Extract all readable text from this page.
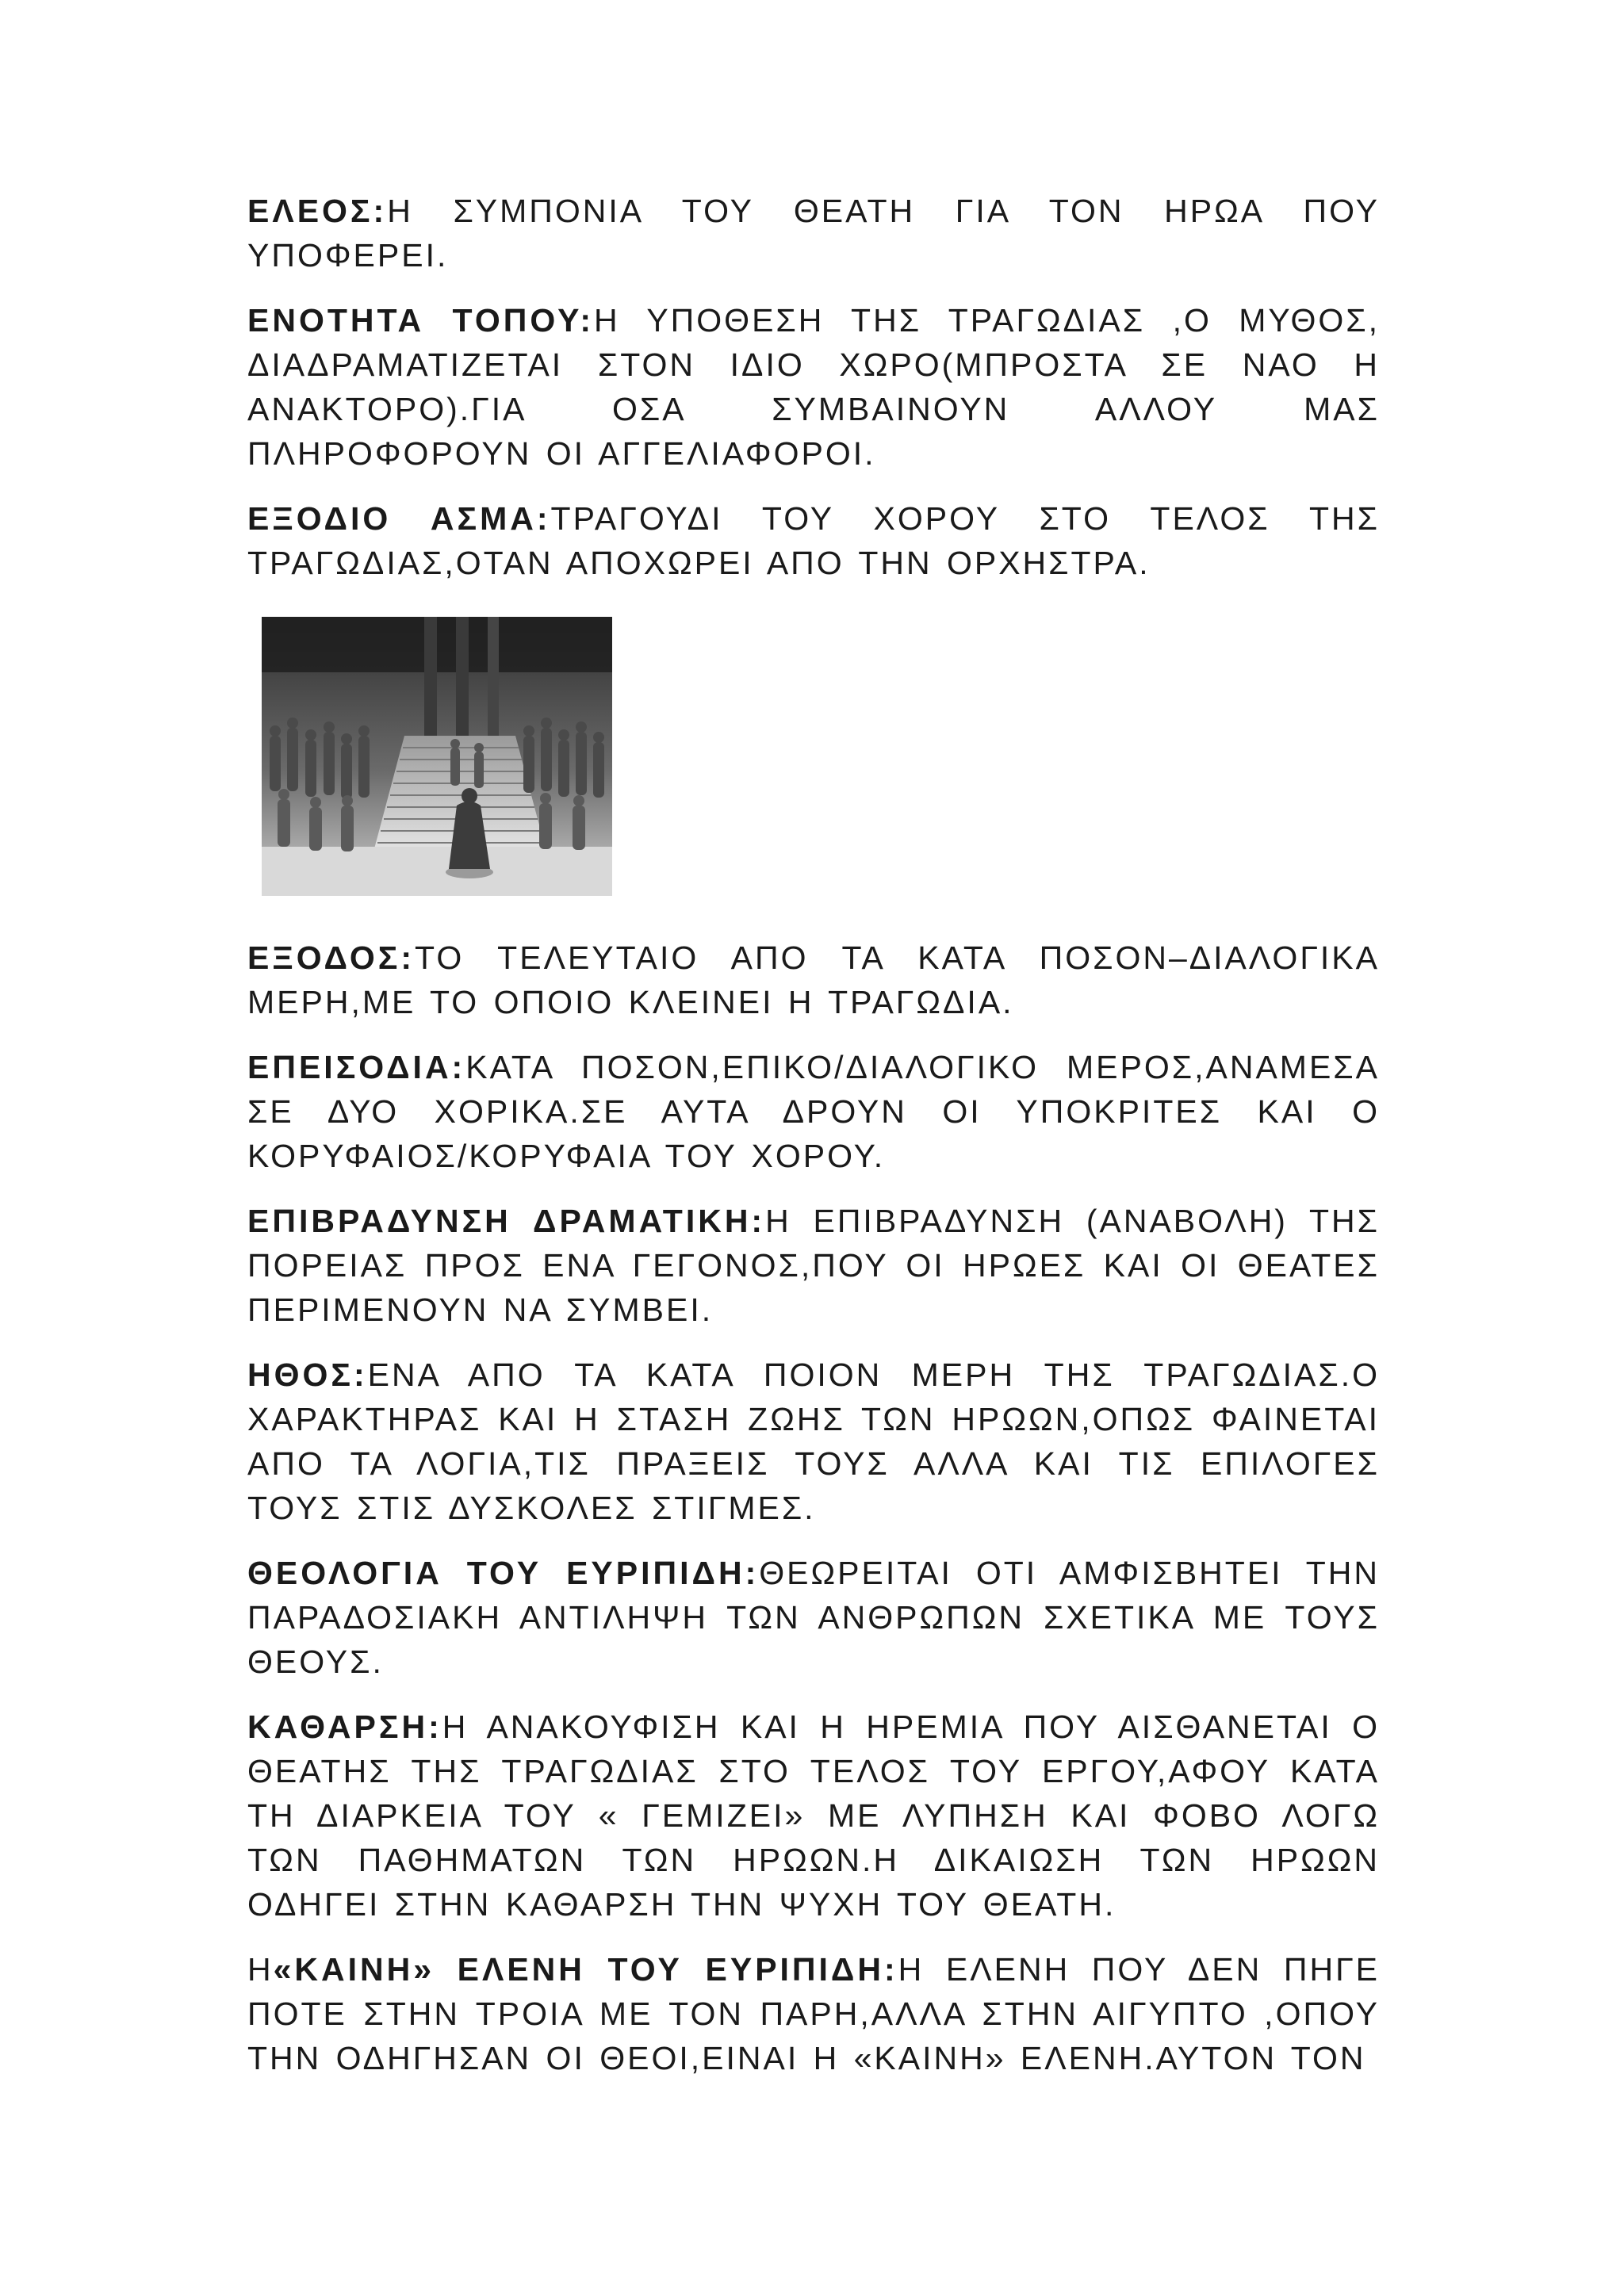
ΕΛΕΟΣ:Η ΣΥΜΠΟΝΙΑ ΤΟΥ ΘΕΑΤΗ ΓΙΑ ΤΟΝ ΗΡΩΑ ΠΟΥ ΥΠΟΦΕΡΕΙ.

ΕΝΟΤΗΤΑ ΤΟΠΟΥ:Η ΥΠΟΘΕΣΗ ΤΗΣ ΤΡΑΓΩΔΙΑΣ ,Ο ΜΥΘΟΣ, ΔΙΑΔΡΑΜΑΤΙΖΕΤΑΙ ΣΤΟΝ ΙΔΙΟ ΧΩΡΟ(ΜΠΡΟΣΤΑ ΣΕ ΝΑΟ Η ΑΝΑΚΤΟΡΟ).ΓΙΑ ΟΣΑ ΣΥΜΒΑΙΝΟΥΝ ΑΛΛΟΥ ΜΑΣ ΠΛΗΡΟΦΟΡΟΥΝ ΟΙ ΑΓΓΕΛΙΑΦΟΡΟΙ.

ΕΞΟΔΙΟ ΑΣΜΑ:ΤΡΑΓΟΥΔΙ ΤΟΥ ΧΟΡΟΥ ΣΤΟ ΤΕΛΟΣ ΤΗΣ ΤΡΑΓΩΔΙΑΣ,ΟΤΑΝ ΑΠΟΧΩΡΕΙ ΑΠΟ ΤΗΝ ΟΡΧΗΣΤΡΑ.

ΕΞΟΔΟΣ:ΤΟ ΤΕΛΕΥΤΑΙΟ ΑΠΟ ΤΑ ΚΑΤΑ ΠΟΣΟΝ–ΔΙΑΛΟΓΙΚΑ ΜΕΡΗ,ΜΕ ΤΟ ΟΠΟΙΟ ΚΛΕΙΝΕΙ Η ΤΡΑΓΩΔΙΑ.

ΕΠΕΙΣΟΔΙΑ:ΚΑΤΑ ΠΟΣΟΝ,ΕΠΙΚΟ/ΔΙΑΛΟΓΙΚΟ ΜΕΡΟΣ,ΑΝΑΜΕΣΑ ΣΕ ΔΥΟ ΧΟΡΙΚΑ.ΣΕ ΑΥΤΑ ΔΡΟΥΝ ΟΙ ΥΠΟΚΡΙΤΕΣ ΚΑΙ Ο ΚΟΡΥΦΑΙΟΣ/ΚΟΡΥΦΑΙΑ ΤΟΥ ΧΟΡΟΥ.

ΕΠΙΒΡΑΔΥΝΣΗ ΔΡΑΜΑΤΙΚΗ:Η ΕΠΙΒΡΑΔΥΝΣΗ (ΑΝΑΒΟΛΗ) ΤΗΣ ΠΟΡΕΙΑΣ ΠΡΟΣ ΕΝΑ ΓΕΓΟΝΟΣ,ΠΟΥ ΟΙ ΗΡΩΕΣ ΚΑΙ ΟΙ ΘΕΑΤΕΣ ΠΕΡΙΜΕΝΟΥΝ ΝΑ ΣΥΜΒΕΙ.

ΗΘΟΣ:ΕΝΑ ΑΠΟ ΤΑ ΚΑΤΑ ΠΟΙΟΝ ΜΕΡΗ ΤΗΣ ΤΡΑΓΩΔΙΑΣ.Ο ΧΑΡΑΚΤΗΡΑΣ ΚΑΙ Η ΣΤΑΣΗ ΖΩΗΣ ΤΩΝ ΗΡΩΩΝ,ΟΠΩΣ ΦΑΙΝΕΤΑΙ ΑΠΟ ΤΑ ΛΟΓΙΑ,ΤΙΣ ΠΡΑΞΕΙΣ ΤΟΥΣ ΑΛΛΑ ΚΑΙ ΤΙΣ ΕΠΙΛΟΓΕΣ ΤΟΥΣ ΣΤΙΣ ΔΥΣΚΟΛΕΣ ΣΤΙΓΜΕΣ.

ΘΕΟΛΟΓΙΑ ΤΟΥ ΕΥΡΙΠΙΔΗ:ΘΕΩΡΕΙΤΑΙ ΟΤΙ ΑΜΦΙΣΒΗΤΕΙ ΤΗΝ ΠΑΡΑΔΟΣΙΑΚΗ ΑΝΤΙΛΗΨΗ ΤΩΝ ΑΝΘΡΩΠΩΝ ΣΧΕΤΙΚΑ ΜΕ ΤΟΥΣ ΘΕΟΥΣ.

ΚΑΘΑΡΣΗ:Η ΑΝΑΚΟΥΦΙΣΗ ΚΑΙ Η ΗΡΕΜΙΑ ΠΟΥ ΑΙΣΘΑΝΕΤΑΙ Ο ΘΕΑΤΗΣ ΤΗΣ ΤΡΑΓΩΔΙΑΣ ΣΤΟ ΤΕΛΟΣ ΤΟΥ ΕΡΓΟΥ,ΑΦΟΥ ΚΑΤΑ ΤΗ ΔΙΑΡΚΕΙΑ ΤΟΥ « ΓΕΜΙΖΕΙ» ΜΕ ΛΥΠΗΣΗ ΚΑΙ ΦΟΒΟ ΛΟΓΩ ΤΩΝ ΠΑΘΗΜΑΤΩΝ ΤΩΝ ΗΡΩΩΝ.Η ΔΙΚΑΙΩΣΗ ΤΩΝ ΗΡΩΩΝ ΟΔΗΓΕΙ ΣΤΗΝ ΚΑΘΑΡΣΗ ΤΗΝ ΨΥΧΗ ΤΟΥ ΘΕΑΤΗ.

Η«ΚΑΙΝΗ» ΕΛΕΝΗ ΤΟΥ ΕΥΡΙΠΙΔΗ:Η ΕΛΕΝΗ ΠΟΥ ΔΕΝ ΠΗΓΕ ΠΟΤΕ ΣΤΗΝ ΤΡΟΙΑ ΜΕ ΤΟΝ ΠΑΡΗ,ΑΛΛΑ ΣΤΗΝ ΑΙΓΥΠΤΟ ,ΟΠΟΥ ΤΗΝ ΟΔΗΓΗΣΑΝ ΟΙ ΘΕΟΙ,ΕΙΝΑΙ Η «ΚΑΙΝΗ» ΕΛΕΝΗ.ΑΥΤΟΝ ΤΟΝ
